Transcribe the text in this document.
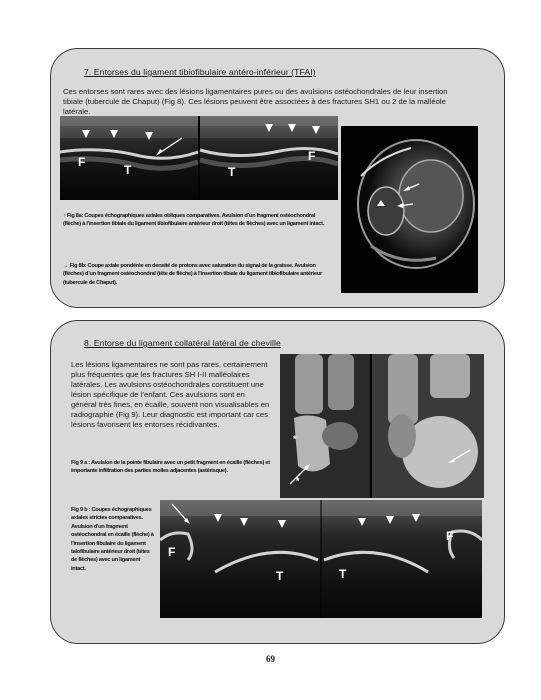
7. Entorses du ligament tibiofibulaire antéro-inférieur (TFAI)
Ces entorses sont rares avec des lésions ligamentaires pures ou des avulsions ostéochondrales de leur insertion tibiale (tubercule de Chaput) (Fig 8). Ces lésions peuvent être associées à des fractures SH1 ou 2 de la malléole latérale.
F
T	T
F
↑ Fig 8a: Coupes échographiques axiales obliques comparatives. Avulsion d’un fragment ostéochondral (flèche) à l’insertion tibiale du ligament tibiofibulaire antérieur droit (têtes de flèches) avec un ligament intact.
→ Fig 8b: Coupe axiale pondérée en densité de protons avec saturation du signal de la graisse. Avulsion (flèches) d’un fragment ostéochondral (tête de flèche) à l’insertion tibiale du ligament tibiofibulaire antérieur (tubercule de Chaput).
8. Entorse du ligament collatéral latéral de cheville
Les lésions ligamentaires ne sont pas rares, certainement plus fréquentes que les fractures SH I-II malléolaires latérales. Les avulsions ostéochondrales constituent une lésion spécifique de l’enfant. Ces avulsions sont en général très fines, en écaille, souvent non visualisables en radiographie (Fig 9). Leur diagnostic est important car ces lésions favorisent les entorses récidivantes.
*
*
Fig 9 a : Avulsion de la pointe fibulaire avec un petit fragment en écaille (flèches) et importante infiltration des parties molles adjacentes (astérisque).
Fig 9 b : Coupes échographiques axiales strictes comparatives. Avulsion d’un fragment ostéochondral en écaille (flèche) à l’insertion fibulaire du ligament talofibulaire antérieur droit (têtes de flèches) avec un ligament intact.
F
T	T
F
69
